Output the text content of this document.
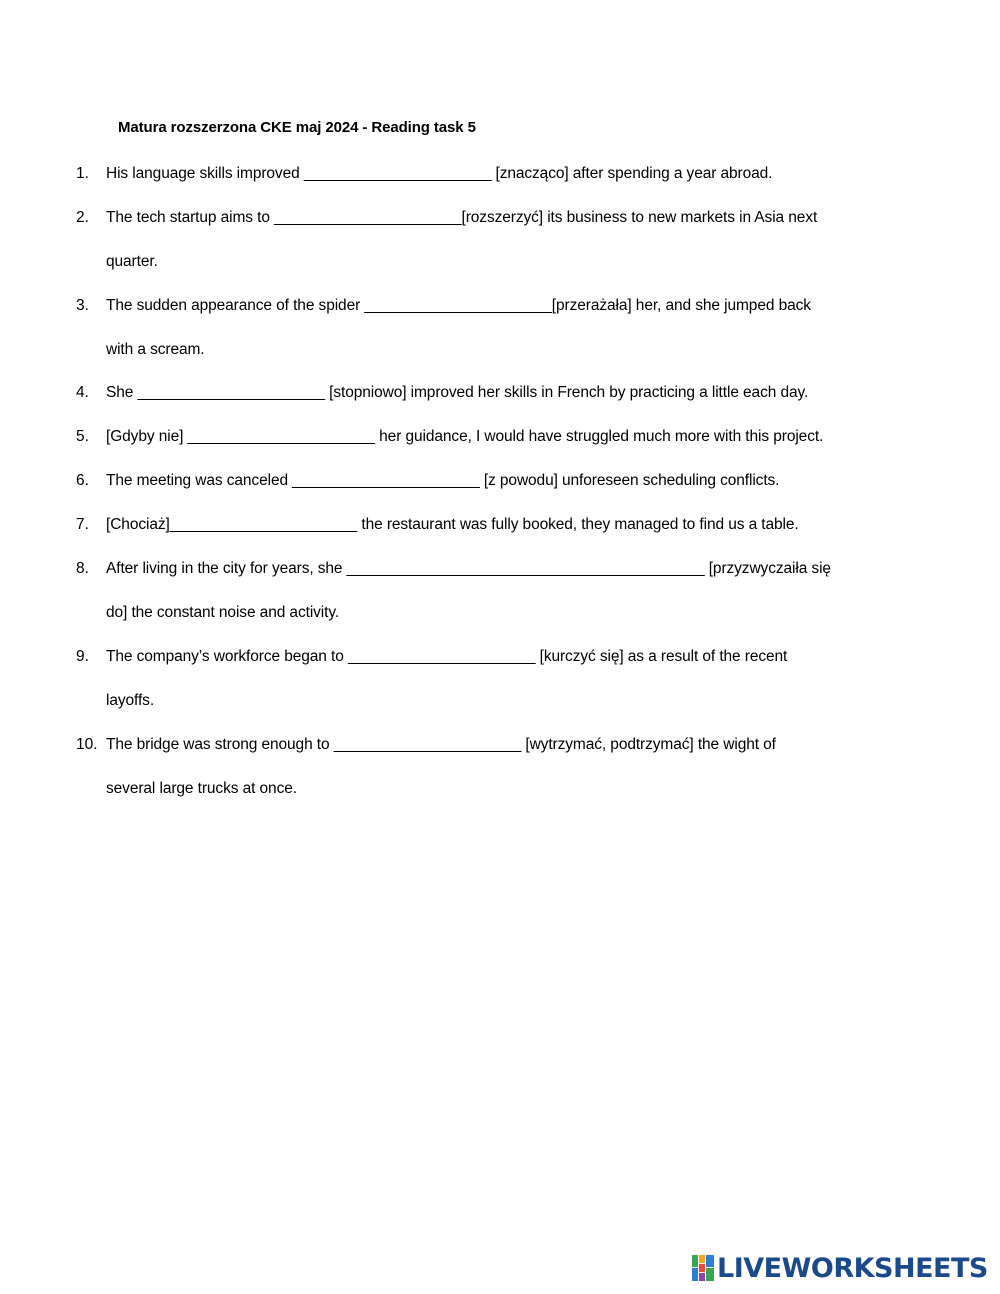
Matura rozszerzona CKE maj 2024 - Reading task 5
1. His language skills improved ______________________ [znacząco] after spending a year abroad.
2. The tech startup aims to ______________________[rozszerzyć] its business to new markets in Asia next
quarter.
3. The sudden appearance of the spider ______________________[przerażała] her, and she jumped back
with a scream.
4. She ______________________ [stopniowo] improved her skills in French by practicing a little each day.
5. [Gdyby nie] ______________________ her guidance, I would have struggled much more with this project.
6. The meeting was canceled ______________________ [z powodu] unforeseen scheduling conflicts.
7. [Chociaż]______________________ the restaurant was fully booked, they managed to find us a table.
8. After living in the city for years, she __________________________________________ [przyzwyczaiła się
do] the constant noise and activity.
9. The company’s workforce began to ______________________ [kurczyć się] as a result of the recent
layoffs.
10. The bridge was strong enough to ______________________ [wytrzymać, podtrzymać] the wight of
several large trucks at once.
LIVEWORKSHEETS
